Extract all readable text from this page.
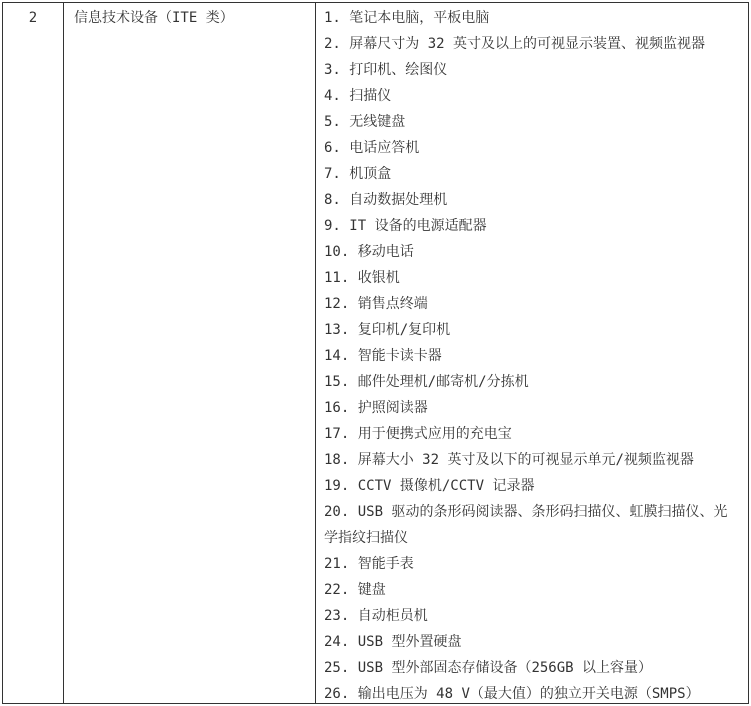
2	信息技术设备（ITE 类）	1. 笔记本电脑，平板电脑
2. 屏幕尺寸为 32 英寸及以上的可视显示装置、视频监视器
3. 打印机、绘图仪
4. 扫描仪
5. 无线键盘
6. 电话应答机
7. 机顶盒
8. 自动数据处理机
9. IT 设备的电源适配器
10. 移动电话
11. 收银机
12. 销售点终端
13. 复印机/复印机
14. 智能卡读卡器
15. 邮件处理机/邮寄机/分拣机
16. 护照阅读器
17. 用于便携式应用的充电宝
18. 屏幕大小 32 英寸及以下的可视显示单元/视频监视器
19. CCTV 摄像机/CCTV 记录器
20. USB 驱动的条形码阅读器、条形码扫描仪、虹膜扫描仪、光学指纹扫描仪
21. 智能手表
22. 键盘
23. 自动柜员机
24. USB 型外置硬盘
25. USB 型外部固态存储设备（256GB 以上容量）
26. 输出电压为 48 V（最大值）的独立开关电源（SMPS）
